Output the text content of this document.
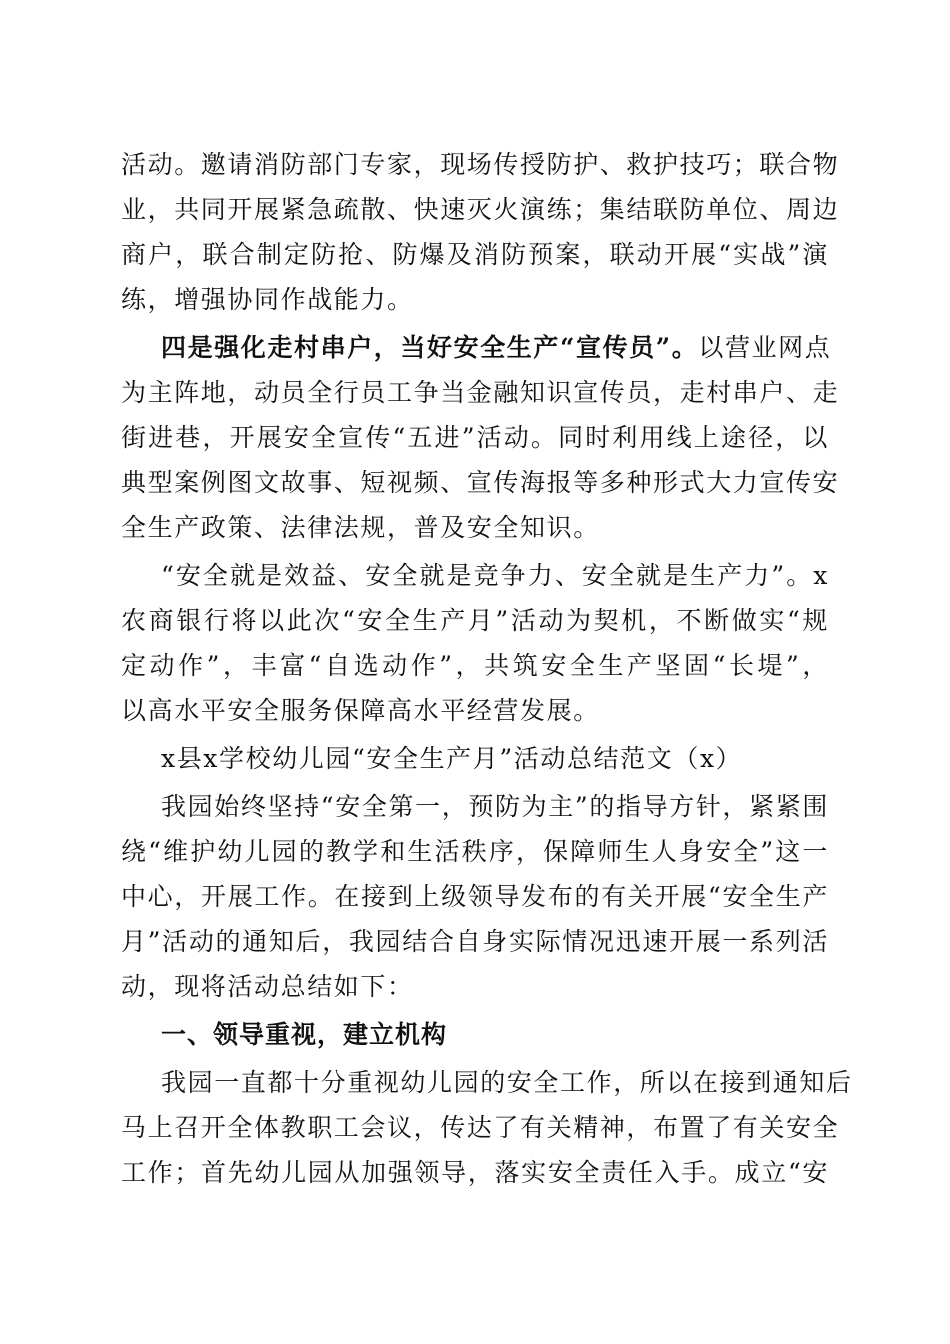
活动。邀请消防部门专家，现场传授防护、救护技巧；联合物
业，共同开展紧急疏散、快速灭火演练；集结联防单位、周边
商户，联合制定防抢、防爆及消防预案，联动开展“实战”演
练，增强协同作战能力。
四是强化走村串户，当好安全生产“宣传员”。以营业网点
为主阵地，动员全行员工争当金融知识宣传员，走村串户、走
街进巷，开展安全宣传“五进”活动。同时利用线上途径，以
典型案例图文故事、短视频、宣传海报等多种形式大力宣传安
全生产政策、法律法规，普及安全知识。
“安全就是效益、安全就是竞争力、安全就是生产力”。x
农商银行将以此次“安全生产月”活动为契机，不断做实“规
定动作”，丰富“自选动作”，共筑安全生产坚固“长堤”，
以高水平安全服务保障高水平经营发展。
x县x学校幼儿园“安全生产月”活动总结范文（x）
我园始终坚持“安全第一，预防为主”的指导方针，紧紧围
绕“维护幼儿园的教学和生活秩序，保障师生人身安全”这一
中心，开展工作。在接到上级领导发布的有关开展“安全生产
月”活动的通知后，我园结合自身实际情况迅速开展一系列活
动，现将活动总结如下：
一、领导重视，建立机构
我园一直都十分重视幼儿园的安全工作，所以在接到通知后
马上召开全体教职工会议，传达了有关精神，布置了有关安全
工作；首先幼儿园从加强领导，落实安全责任入手。成立“安
